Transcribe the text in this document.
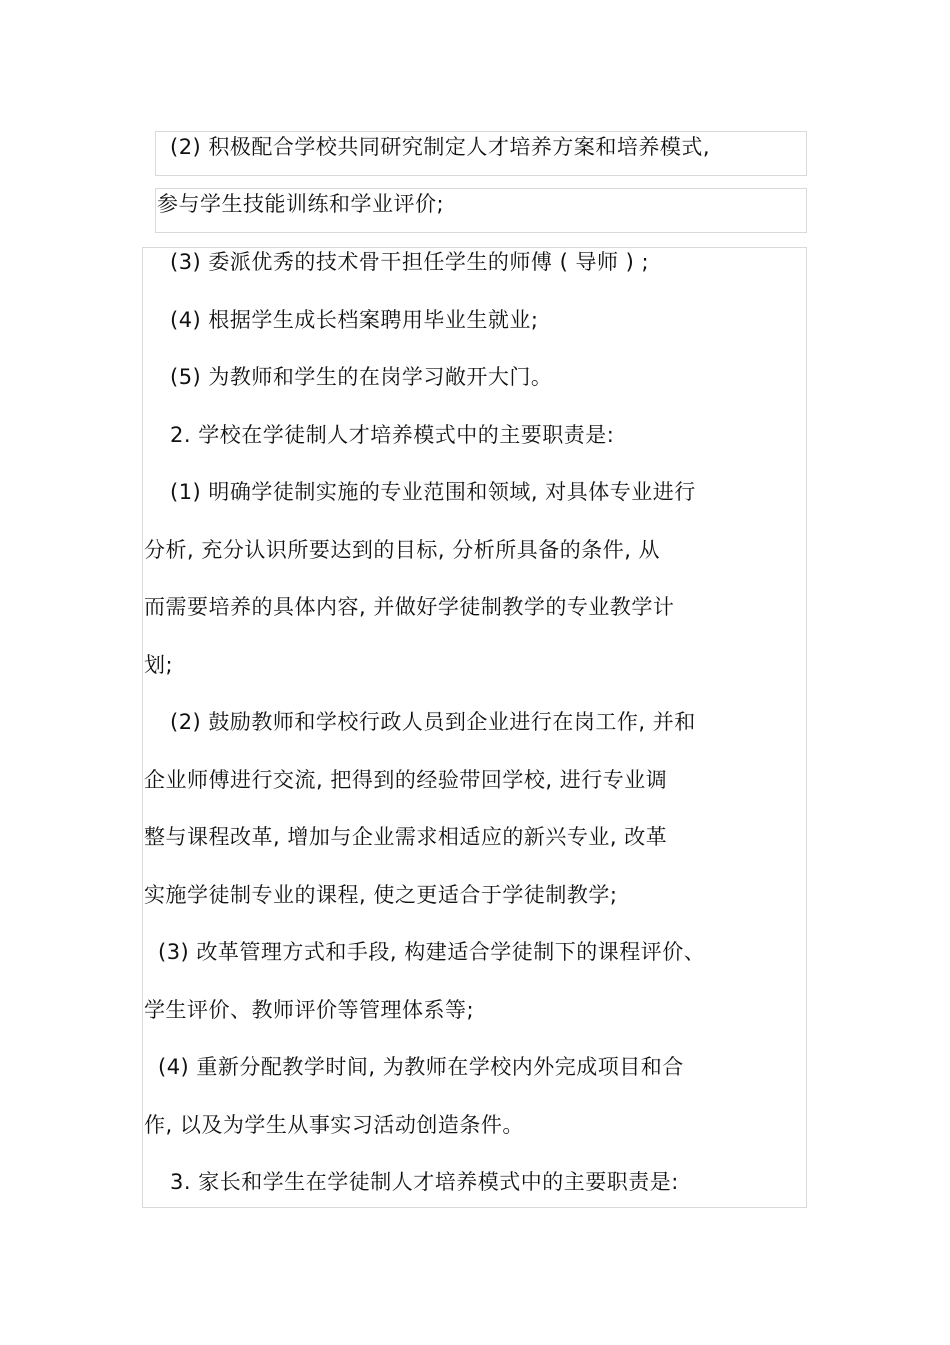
(2) 积极配合学校共同研究制定人才培养方案和培养模式,
参与学生技能训练和学业评价;
(3) 委派优秀的技术骨干担任学生的师傅 ( 导师 ) ;
(4) 根据学生成长档案聘用毕业生就业;
(5) 为教师和学生的在岗学习敞开大门。
2. 学校在学徒制人才培养模式中的主要职责是:
(1) 明确学徒制实施的专业范围和领域, 对具体专业进行
分析, 充分认识所要达到的目标, 分析所具备的条件, 从
而需要培养的具体内容, 并做好学徒制教学的专业教学计
划;
(2) 鼓励教师和学校行政人员到企业进行在岗工作, 并和
企业师傅进行交流, 把得到的经验带回学校, 进行专业调
整与课程改革, 增加与企业需求相适应的新兴专业, 改革
实施学徒制专业的课程, 使之更适合于学徒制教学;
(3) 改革管理方式和手段, 构建适合学徒制下的课程评价、
学生评价、教师评价等管理体系等;
(4) 重新分配教学时间, 为教师在学校内外完成项目和合
作, 以及为学生从事实习活动创造条件。
3. 家长和学生在学徒制人才培养模式中的主要职责是:
